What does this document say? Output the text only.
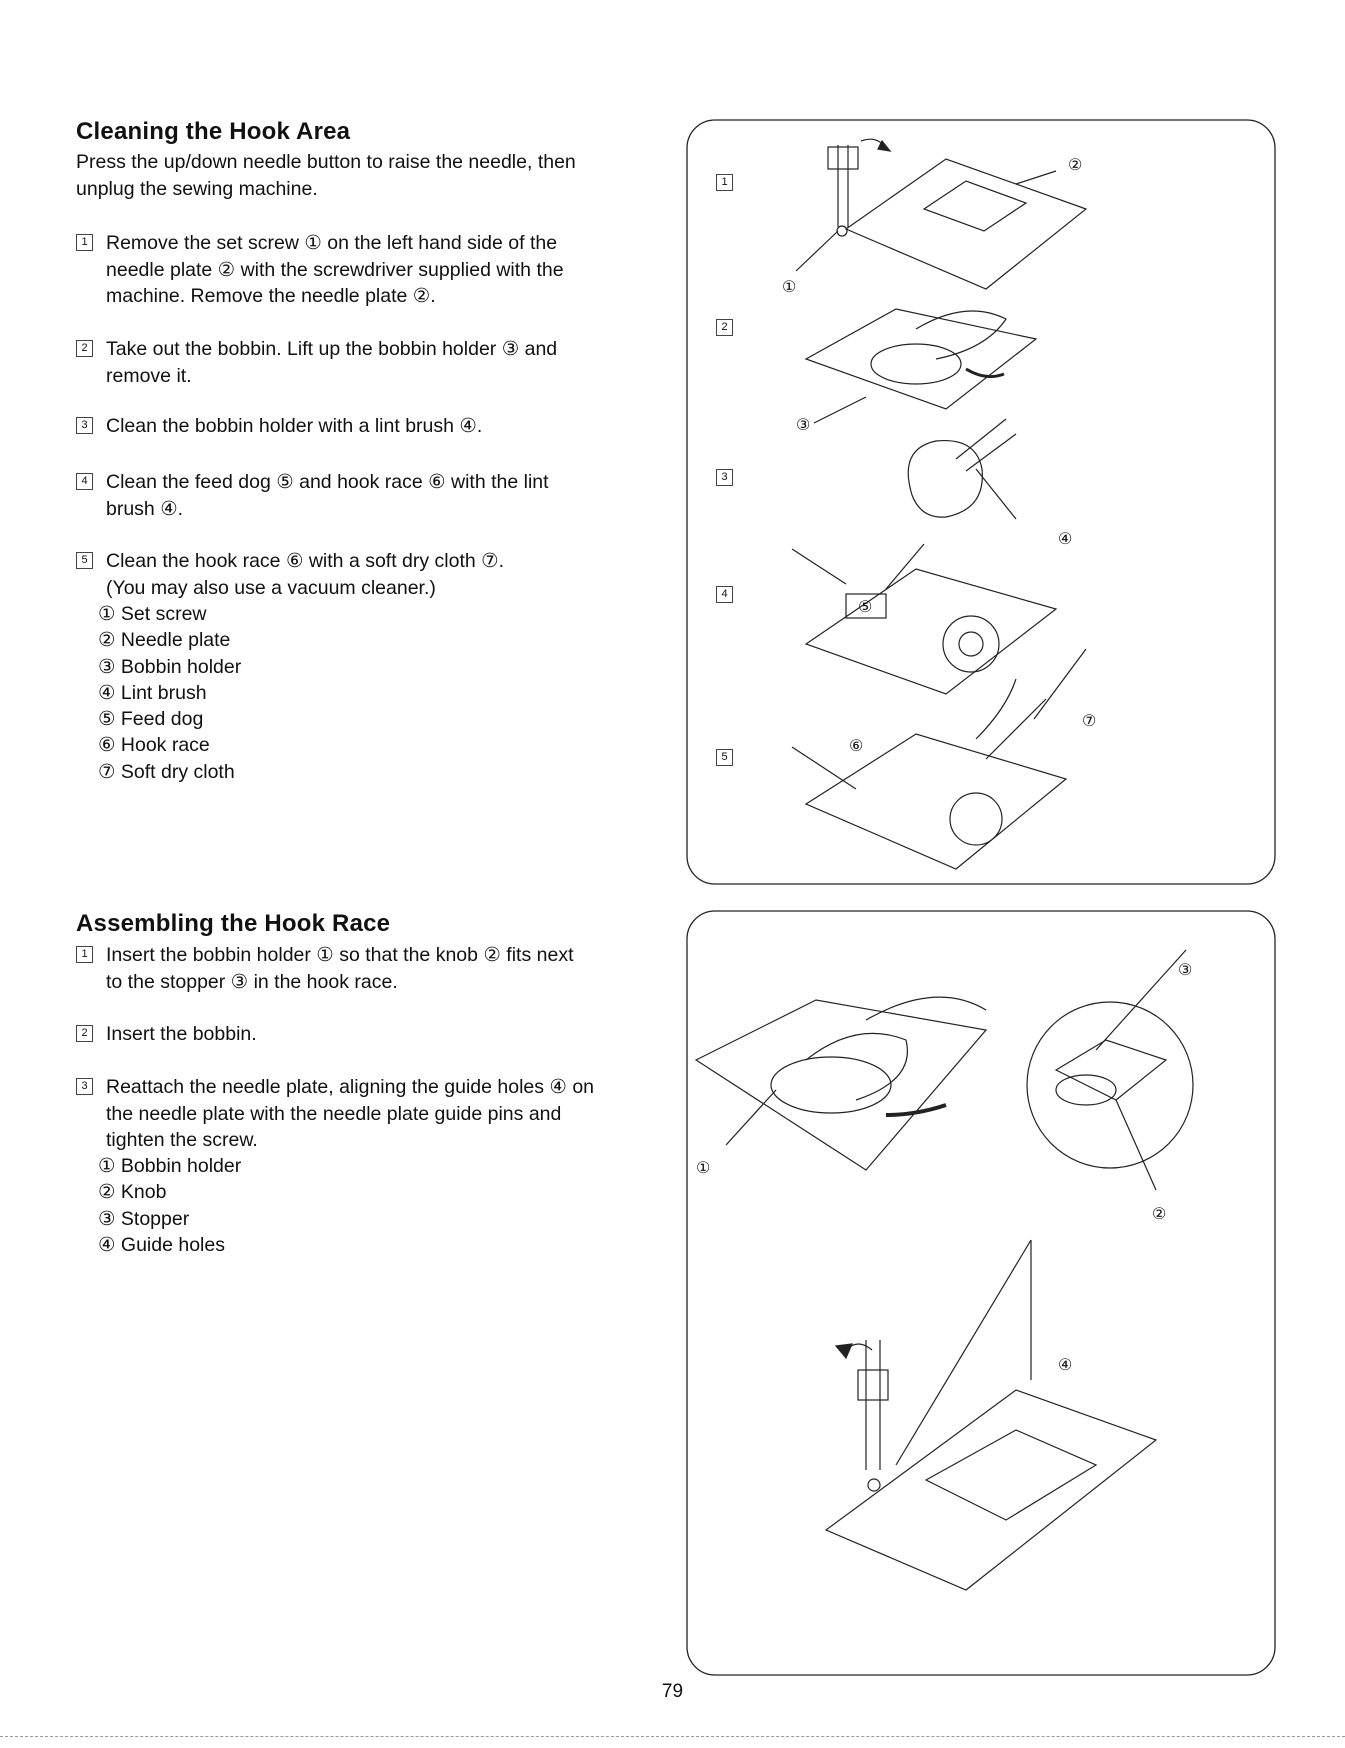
Cleaning the Hook Area

Press the up/down needle button to raise the needle, then
unplug the sewing machine.

1 Remove the set screw ① on the left hand side of the
needle plate ② with the screwdriver supplied with the
machine. Remove the needle plate ②.
2 Take out the bobbin. Lift up the bobbin holder ③ and
remove it.
3 Clean the bobbin holder with a lint brush ④.
4 Clean the feed dog ⑤ and hook race ⑥ with the lint
brush ④.
5 Clean the hook race ⑥ with a soft dry cloth ⑦.
(You may also use a vacuum cleaner.)
① Set screw
② Needle plate
③ Bobbin holder
④ Lint brush
⑤ Feed dog
⑥ Hook race
⑦ Soft dry cloth
1
2
3
4
5
①
②
③
④
⑤
⑥
⑦
Assembling the Hook Race
1 Insert the bobbin holder ① so that the knob ② fits next
to the stopper ③ in the hook race.
2 Insert the bobbin.
3 Reattach the needle plate, aligning the guide holes ④ on
the needle plate with the needle plate guide pins and
tighten the screw.
① Bobbin holder
② Knob
③ Stopper
④ Guide holes
①
②
③
④
79
